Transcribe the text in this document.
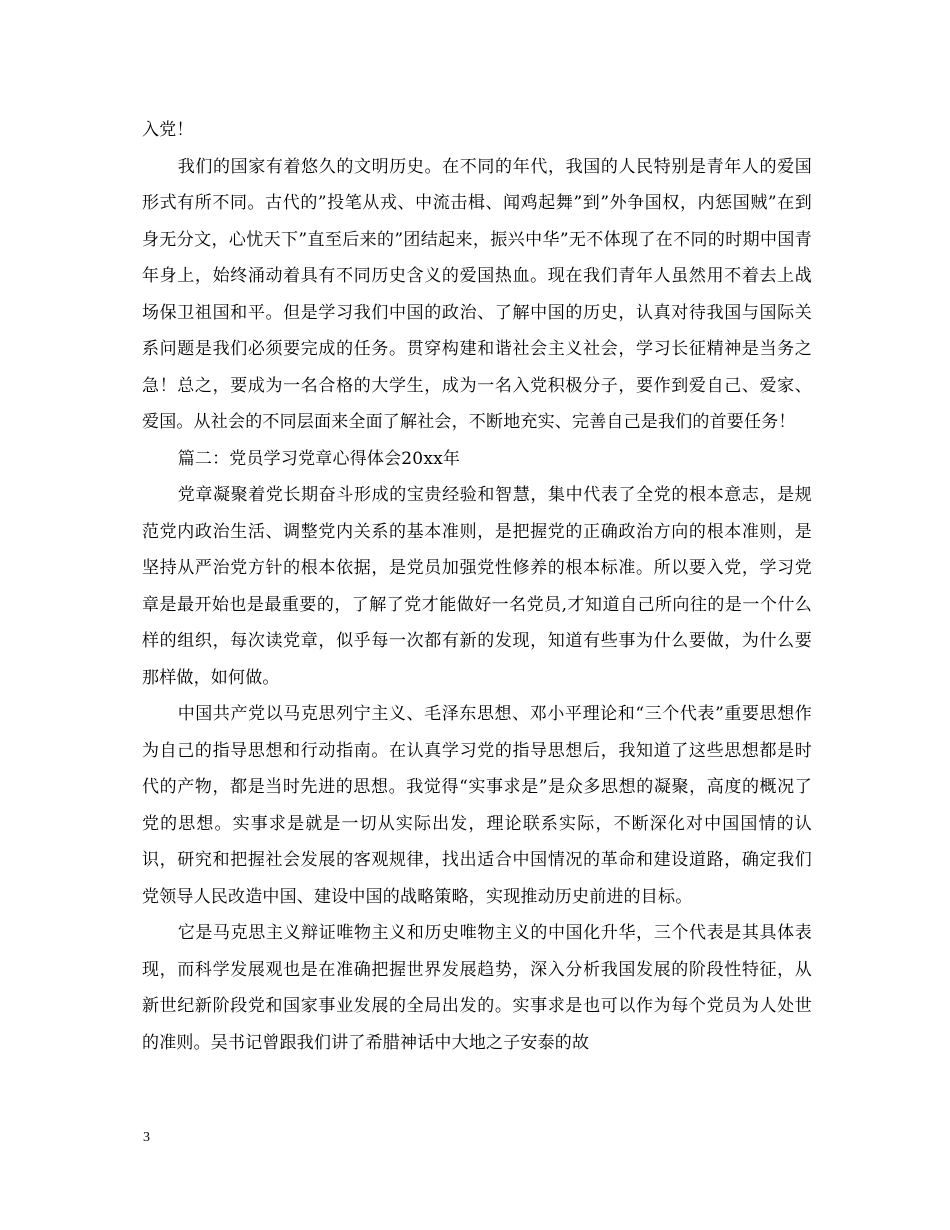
入党！

我们的国家有着悠久的文明历史。在不同的年代，我国的人民特别是青年人的爱国形式有所不同。古代的”投笔从戎、中流击楫、闻鸡起舞”到”外争国权，内惩国贼”在到身无分文，心忧天下”直至后来的”团结起来，振兴中华”无不体现了在不同的时期中国青年身上，始终涌动着具有不同历史含义的爱国热血。现在我们青年人虽然用不着去上战场保卫祖国和平。但是学习我们中国的政治、了解中国的历史，认真对待我国与国际关系问题是我们必须要完成的任务。贯穿构建和谐社会主义社会，学习长征精神是当务之急！总之，要成为一名合格的大学生，成为一名入党积极分子，要作到爱自己、爱家、爱国。从社会的不同层面来全面了解社会，不断地充实、完善自己是我们的首要任务！

篇二：党员学习党章心得体会20xx年

党章凝聚着党长期奋斗形成的宝贵经验和智慧，集中代表了全党的根本意志，是规范党内政治生活、调整党内关系的基本准则，是把握党的正确政治方向的根本准则，是坚持从严治党方针的根本依据，是党员加强党性修养的根本标准。所以要入党，学习党章是最开始也是最重要的，了解了党才能做好一名党员,才知道自己所向往的是一个什么样的组织，每次读党章，似乎每一次都有新的发现，知道有些事为什么要做，为什么要那样做，如何做。

中国共产党以马克思列宁主义、毛泽东思想、邓小平理论和“三个代表”重要思想作为自己的指导思想和行动指南。在认真学习党的指导思想后，我知道了这些思想都是时代的产物，都是当时先进的思想。我觉得“实事求是”是众多思想的凝聚，高度的概况了党的思想。实事求是就是一切从实际出发，理论联系实际，不断深化对中国国情的认识，研究和把握社会发展的客观规律，找出适合中国情况的革命和建设道路，确定我们党领导人民改造中国、建设中国的战略策略，实现推动历史前进的目标。

它是马克思主义辩证唯物主义和历史唯物主义的中国化升华，三个代表是其具体表现，而科学发展观也是在准确把握世界发展趋势，深入分析我国发展的阶段性特征，从新世纪新阶段党和国家事业发展的全局出发的。实事求是也可以作为每个党员为人处世的准则。吴书记曾跟我们讲了希腊神话中大地之子安泰的故

3
